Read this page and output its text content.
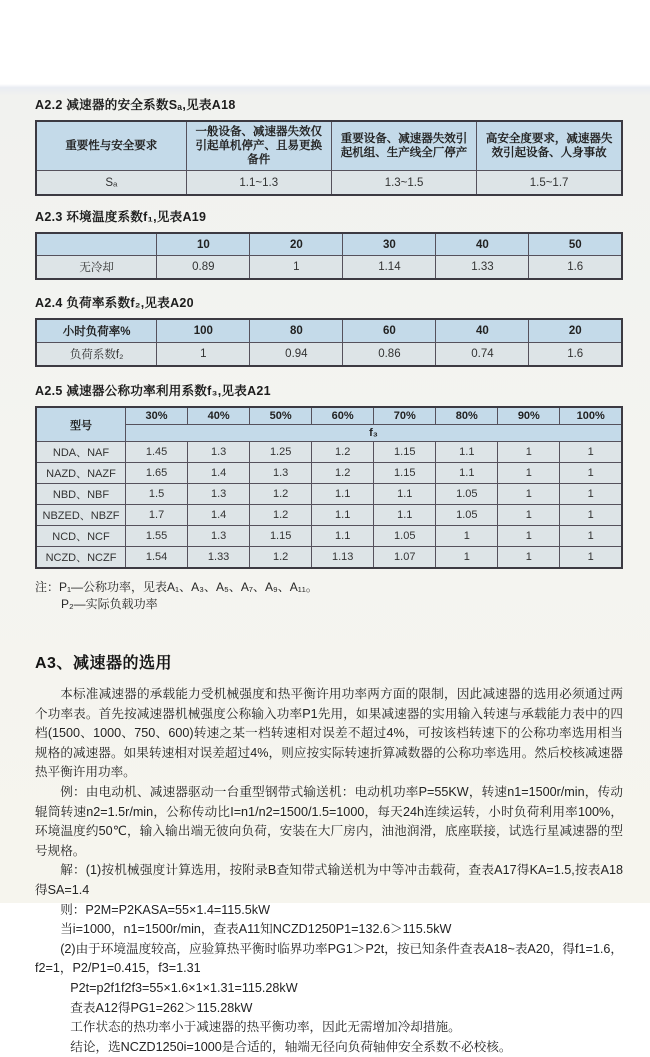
A2.2 减速器的安全系数Sₐ,见表A18
重要性与安全要求	一般设备、减速器失效仅引起单机停产、且易更换备件	重要设备、减速器失效引起机组、生产线全厂停产	高安全度要求，减速器失效引起设备、人身事故
Sₐ	1.1~1.3	1.3~1.5	1.5~1.7
A2.3 环境温度系数f₁,见表A19
	10	20	30	40	50
无冷却	0.89	1	1.14	1.33	1.6
A2.4 负荷率系数f₂,见表A20
小时负荷率%	100	80	60	40	20
负荷系数f₂	1	0.94	0.86	0.74	1.6
A2.5 减速器公称功率利用系数f₃,见表A21
型号	30%	40%	50%	60%	70%	80%	90%	100%
	f₃							
NDA、NAF	1.45	1.3	1.25	1.2	1.15	1.1	1	1
NAZD、NAZF	1.65	1.4	1.3	1.2	1.15	1.1	1	1
NBD、NBF	1.5	1.3	1.2	1.1	1.1	1.05	1	1
NBZED、NBZF	1.7	1.4	1.2	1.1	1.1	1.05	1	1
NCD、NCF	1.55	1.3	1.15	1.1	1.05	1	1	1
NCZD、NCZF	1.54	1.33	1.2	1.13	1.07	1	1	1
注：P₁—公称功率，见表A₁、A₃、A₅、A₇、A₉、A₁₁。
P₂—实际负载功率
A3、减速器的选用

本标准减速器的承载能力受机械强度和热平衡许用功率两方面的限制，因此减速器的选用必须通过两个功率表。首先按减速器机械强度公称输入功率P1先用，如果减速器的实用输入转速与承载能力表中的四档(1500、1000、750、600)转速之某一档转速相对误差不超过4%，可按该档转速下的公称功率选用相当规格的减速器。如果转速相对误差超过4%，则应按实际转速折算减数器的公称功率选用。然后校核减速器热平衡许用功率。

例：由电动机、减速器驱动一台重型钢带式输送机：电动机功率P=55KW，转速n1=1500r/min，传动辊筒转速n2=1.5r/min，公称传动比I=n1/n2=1500/1.5=1000，每天24h连续运转，小时负荷利用率100%，环境温度约50℃，输入输出端无彼向负荷，安装在大厂房内，油池润滑，底座联接，试选行星减速器的型号规格。

解：(1)按机械强度计算选用，按附录B查知带式输送机为中等冲击载荷，查表A17得KA=1.5,按表A18得SA=1.4

则：P2M=P2KASA=55×1.4=115.5kW

当i=1000，n1=1500r/min，查表A11知NCZD1250P1=132.6＞115.5kW

(2)由于环境温度较高，应验算热平衡时临界功率PG1＞P2t，按已知条件查表A18~表A20，得f1=1.6，f2=1，P2/P1=0.415，f3=1.31

P2t=p2f1f2f3=55×1.6×1×1.31=115.28kW

查表A12得PG1=262＞115.28kW

工作状态的热功率小于减速器的热平衡功率，因此无需增加冷却措施。

结论，选NCZD1250i=1000是合适的，轴端无径向负荷轴伸安全系数不必校核。
